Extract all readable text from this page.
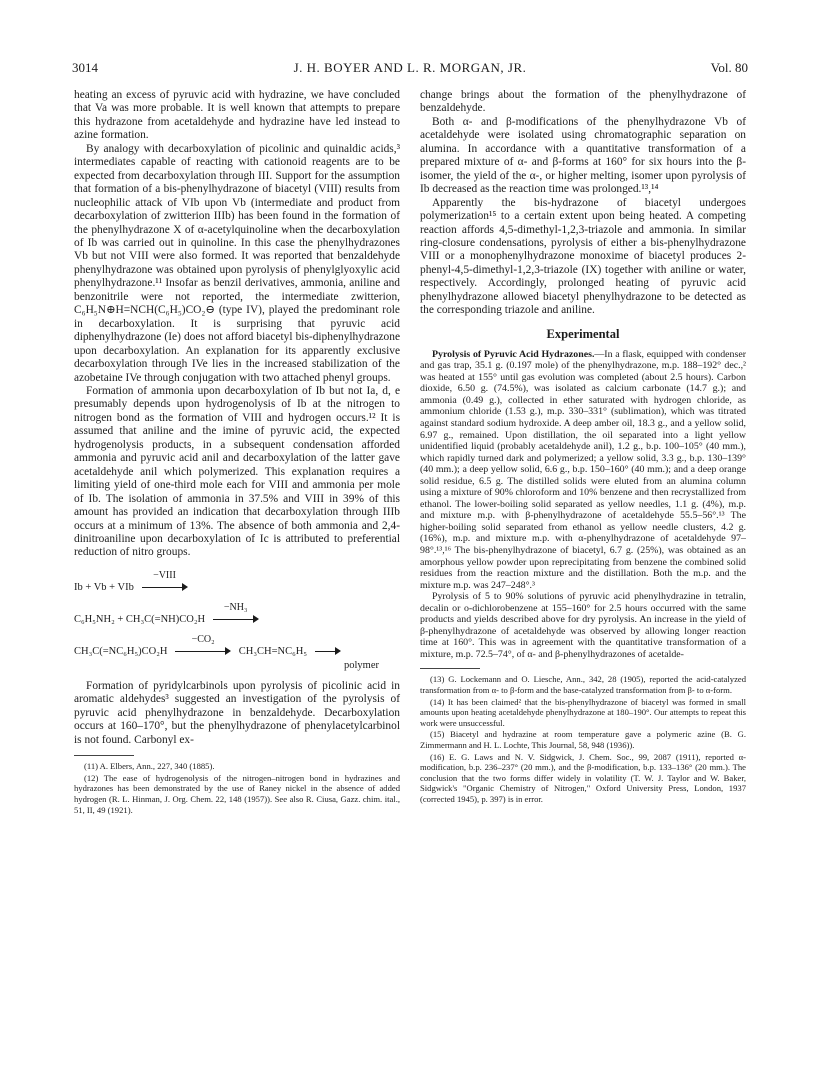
3014	J. H. BOYER AND L. R. MORGAN, JR.	Vol. 80

heating an excess of pyruvic acid with hydrazine, we have concluded that Va was more probable. It is well known that attempts to prepare this hydrazone from acetaldehyde and hydrazine have led instead to azine formation.

By analogy with decarboxylation of picolinic and quinaldic acids,³ intermediates capable of reacting with cationoid reagents are to be expected from decarboxylation through III. Support for the assumption that formation of a bis-phenylhydrazone of biacetyl (VIII) results from nucleophilic attack of VIb upon Vb (intermediate and product from decarboxylation of zwitterion IIIb) has been found in the formation of the phenylhydrazone X of α-acetylquinoline when the decarboxylation of Ib was carried out in quinoline. In this case the phenylhydrazones Vb but not VIII were also formed. It was reported that benzaldehyde phenylhydrazone was obtained upon pyrolysis of phenylglyoxylic acid phenylhydrazone.¹¹ Insofar as benzil derivatives, ammonia, aniline and benzonitrile were not reported, the intermediate zwitterion, C₆H₅N⊕H=NCH(C₆H₅)CO₂⊖ (type IV), played the predominant role in decarboxylation. It is surprising that pyruvic acid diphenylhydrazone (Ie) does not afford biacetyl bis-diphenylhydrazone upon decarboxylation. An explanation for its apparently exclusive decarboxylation through IVe lies in the increased stabilization of the azobetaine IVe through conjugation with two attached phenyl groups.

Formation of ammonia upon decarboxylation of Ib but not Ia, d, e presumably depends upon hydrogenolysis of Ib at the nitrogen to nitrogen bond as the formation of VIII and hydrogen occurs.¹² It is assumed that aniline and the imine of pyruvic acid, the expected hydrogenolysis products, in a subsequent condensation afforded ammonia and pyruvic acid anil and decarboxylation of the latter gave acetaldehyde anil which polymerized. This explanation requires a limiting yield of one-third mole each for VIII and ammonia per mole of Ib. The isolation of ammonia in 37.5% and VIII in 39% of this amount has provided an indication that decarboxylation through IIIb occurs at a minimum of 13%. The absence of both ammonia and 2,4-dinitroaniline upon decarboxylation of Ic is attributed to preferential reduction of nitro groups.

Ib + Vb + VIb
−VIII
C₆H₅NH₂ + CH₃C(=NH)CO₂H
−NH₃
CH₃C(=NC₆H₅)CO₂H
−CO₂
CH₃CH=NC₆H₅
polymer

Formation of pyridylcarbinols upon pyrolysis of picolinic acid in aromatic aldehydes³ suggested an investigation of the pyrolysis of pyruvic acid phenylhydrazone in benzaldehyde. Decarboxylation occurs at 160–170°, but the phenylhydrazone of phenylacetylcarbinol is not found. Carbonyl ex-

(11) A. Elbers, Ann., 227, 340 (1885).

(12) The ease of hydrogenolysis of the nitrogen–nitrogen bond in hydrazines and hydrazones has been demonstrated by the use of Raney nickel in the absence of added hydrogen (R. L. Hinman, J. Org. Chem. 22, 148 (1957)). See also R. Ciusa, Gazz. chim. ital., 51, II, 49 (1921).

change brings about the formation of the phenylhydrazone of benzaldehyde.

Both α- and β-modifications of the phenylhydrazone Vb of acetaldehyde were isolated using chromatographic separation on alumina. In accordance with a quantitative transformation of a prepared mixture of α- and β-forms at 160° for six hours into the β-isomer, the yield of the α-, or higher melting, isomer upon pyrolysis of Ib decreased as the reaction time was prolonged.¹³,¹⁴

Apparently the bis-hydrazone of biacetyl undergoes polymerization¹⁵ to a certain extent upon being heated. A competing reaction affords 4,5-dimethyl-1,2,3-triazole and ammonia. In similar ring-closure condensations, pyrolysis of either a bis-phenylhydrazone VIII or a monophenylhydrazone monoxime of biacetyl produces 2-phenyl-4,5-dimethyl-1,2,3-triazole (IX) together with aniline or water, respectively. Accordingly, prolonged heating of pyruvic acid phenylhydrazone allowed biacetyl phenylhydrazone to be detected as the corresponding triazole and aniline.

Experimental

Pyrolysis of Pyruvic Acid Hydrazones.—In a flask, equipped with condenser and gas trap, 35.1 g. (0.197 mole) of the phenylhydrazone, m.p. 188–192° dec.,² was heated at 155° until gas evolution was completed (about 2.5 hours). Carbon dioxide, 6.50 g. (74.5%), was isolated as calcium carbonate (14.7 g.); and ammonia (0.49 g.), collected in ether saturated with hydrogen chloride, as ammonium chloride (1.53 g.), m.p. 330–331° (sublimation), which was titrated against standard sodium hydroxide. A deep amber oil, 18.3 g., and a yellow solid, 6.97 g., remained. Upon distillation, the oil separated into a light yellow unidentified liquid (probably acetaldehyde anil), 1.2 g., b.p. 100–105° (40 mm.), which rapidly turned dark and polymerized; a yellow solid, 3.3 g., b.p. 130–139° (40 mm.); a deep yellow solid, 6.6 g., b.p. 150–160° (40 mm.); and a deep orange solid residue, 6.5 g. The distilled solids were eluted from an alumina column using a mixture of 90% chloroform and 10% benzene and then recrystallized from ethanol. The lower-boiling solid separated as yellow needles, 1.1 g. (4%), m.p. and mixture m.p. with β-phenylhydrazone of acetaldehyde 55.5–56°.¹³ The higher-boiling solid separated from ethanol as yellow needle clusters, 4.2 g. (16%), m.p. and mixture m.p. with α-phenylhydrazone of acetaldehyde 97–98°.¹³,¹⁶ The bis-phenylhydrazone of biacetyl, 6.7 g. (25%), was obtained as an amorphous yellow powder upon reprecipitating from benzene the combined solid residues from the reaction mixture and the distillation. Both the m.p. and the mixture m.p. was 247–248°.³

Pyrolysis of 5 to 90% solutions of pyruvic acid phenylhydrazine in tetralin, decalin or o-dichlorobenzene at 155–160° for 2.5 hours occurred with the same products and yields described above for dry pyrolysis. An increase in the yield of β-phenylhydrazone of acetaldehyde was observed by allowing longer reaction time at 160°. This was in agreement with the quantitative transformation of a mixture, m.p. 72.5–74°, of α- and β-phenylhydrazones of acetalde-

(13) G. Lockemann and O. Liesche, Ann., 342, 28 (1905), reported the acid-catalyzed transformation from α- to β-form and the base-catalyzed transformation from β- to α-form.

(14) It has been claimed² that the bis-phenylhydrazone of biacetyl was formed in small amounts upon heating acetaldehyde phenylhydrazone at 180–190°. Our attempts to repeat this work were unsuccessful.

(15) Biacetyl and hydrazine at room temperature gave a polymeric azine (B. G. Zimmermann and H. L. Lochte, This Journal, 58, 948 (1936)).

(16) E. G. Laws and N. V. Sidgwick, J. Chem. Soc., 99, 2087 (1911), reported α-modification, b.p. 236–237° (20 mm.), and the β-modification, b.p. 133–136° (20 mm.). The conclusion that the two forms differ widely in volatility (T. W. J. Taylor and W. Baker, Sidgwick's "Organic Chemistry of Nitrogen," Oxford University Press, London, 1937 (corrected 1945), p. 397) is in error.
